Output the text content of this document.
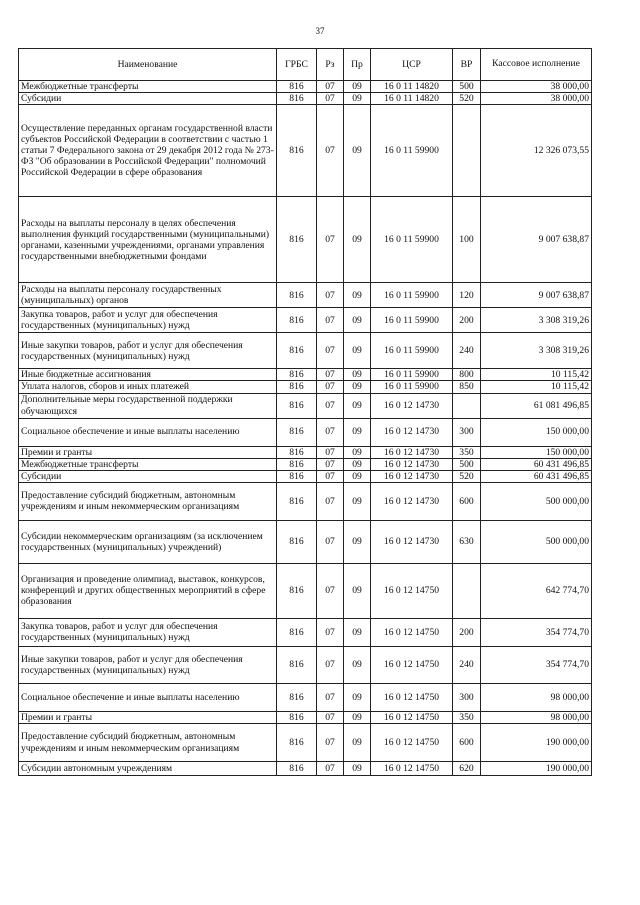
37
Наименование	ГРБС	Рз	Пр	ЦСР	ВР	Кассовое исполнение
Межбюджетные трансферты	816	07	09	16 0 11 14820	500	38 000,00
Субсидии	816	07	09	16 0 11 14820	520	38 000,00
Осуществление переданных органам государственной власти субъектов Российской Федерации в соответствии с частью 1 статьи 7 Федерального закона от 29 декабря 2012 года № 273-ФЗ "Об образовании в Российской Федерации" полномочий Российской Федерации в сфере образования	816	07	09	16 0 11 59900		12 326 073,55
Расходы на выплаты персоналу в целях обеспечения выполнения функций государственными (муниципальными) органами, казенными учреждениями, органами управления государственными внебюджетными фондами	816	07	09	16 0 11 59900	100	9 007 638,87
Расходы на выплаты персоналу государственных (муниципальных) органов	816	07	09	16 0 11 59900	120	9 007 638,87
Закупка товаров, работ и услуг для обеспечения государственных (муниципальных) нужд	816	07	09	16 0 11 59900	200	3 308 319,26
Иные закупки товаров, работ и услуг для обеспечения государственных (муниципальных) нужд	816	07	09	16 0 11 59900	240	3 308 319,26
Иные бюджетные ассигнования	816	07	09	16 0 11 59900	800	10 115,42
Уплата налогов, сборов и иных платежей	816	07	09	16 0 11 59900	850	10 115,42
Дополнительные меры государственной поддержки обучающихся	816	07	09	16 0 12 14730		61 081 496,85
Социальное обеспечение и иные выплаты населению	816	07	09	16 0 12 14730	300	150 000,00
Премии и гранты	816	07	09	16 0 12 14730	350	150 000,00
Межбюджетные трансферты	816	07	09	16 0 12 14730	500	60 431 496,85
Субсидии	816	07	09	16 0 12 14730	520	60 431 496,85
Предоставление субсидий бюджетным, автономным учреждениям и иным некоммерческим организациям	816	07	09	16 0 12 14730	600	500 000,00
Субсидии некоммерческим организациям (за исключением государственных (муниципальных) учреждений)	816	07	09	16 0 12 14730	630	500 000,00
Организация и проведение олимпиад, выставок, конкурсов, конференций и других общественных мероприятий в сфере образования	816	07	09	16 0 12 14750		642 774,70
Закупка товаров, работ и услуг для обеспечения государственных (муниципальных) нужд	816	07	09	16 0 12 14750	200	354 774,70
Иные закупки товаров, работ и услуг для обеспечения государственных (муниципальных) нужд	816	07	09	16 0 12 14750	240	354 774,70
Социальное обеспечение и иные выплаты населению	816	07	09	16 0 12 14750	300	98 000,00
Премии и гранты	816	07	09	16 0 12 14750	350	98 000,00
Предоставление субсидий бюджетным, автономным учреждениям и иным некоммерческим организациям	816	07	09	16 0 12 14750	600	190 000,00
Субсидии автономным учреждениям	816	07	09	16 0 12 14750	620	190 000,00
